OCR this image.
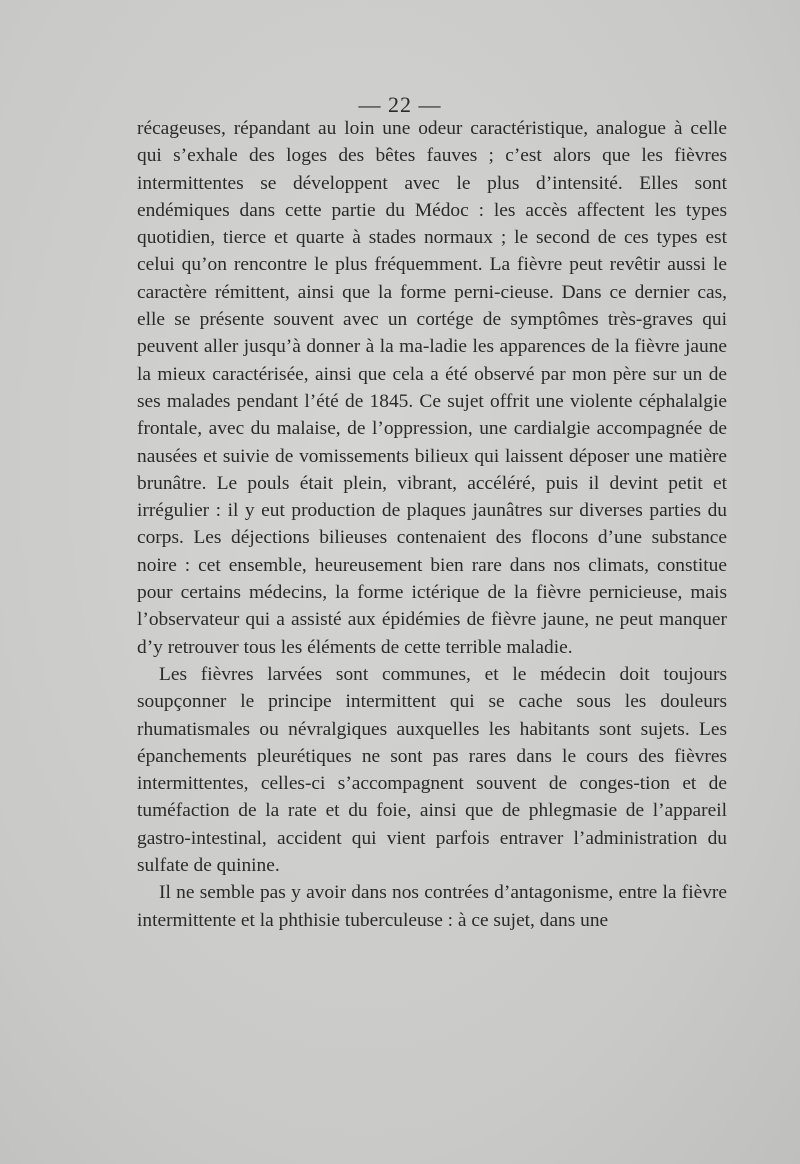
— 22 —

récageuses, répandant au loin une odeur caractéristique, analogue à celle qui s’exhale des loges des bêtes fauves ; c’est alors que les fièvres intermittentes se développent avec le plus d’intensité. Elles sont endémiques dans cette partie du Médoc : les accès affectent les types quotidien, tierce et quarte à stades normaux ; le second de ces types est celui qu’on rencontre le plus fréquemment. La fièvre peut revêtir aussi le caractère rémittent, ainsi que la forme perni-cieuse. Dans ce dernier cas, elle se présente souvent avec un cortége de symptômes très-graves qui peuvent aller jusqu’à donner à la ma-ladie les apparences de la fièvre jaune la mieux caractérisée, ainsi que cela a été observé par mon père sur un de ses malades pendant l’été de 1845. Ce sujet offrit une violente céphalalgie frontale, avec du malaise, de l’oppression, une cardialgie accompagnée de nausées et suivie de vomissements bilieux qui laissent déposer une matière brunâtre. Le pouls était plein, vibrant, accéléré, puis il devint petit et irrégulier : il y eut production de plaques jaunâtres sur diverses parties du corps. Les déjections bilieuses contenaient des flocons d’une substance noire : cet ensemble, heureusement bien rare dans nos climats, constitue pour certains médecins, la forme ictérique de la fièvre pernicieuse, mais l’observateur qui a assisté aux épidémies de fièvre jaune, ne peut manquer d’y retrouver tous les éléments de cette terrible maladie.

Les fièvres larvées sont communes, et le médecin doit toujours soupçonner le principe intermittent qui se cache sous les douleurs rhumatismales ou névralgiques auxquelles les habitants sont sujets. Les épanchements pleurétiques ne sont pas rares dans le cours des fièvres intermittentes, celles-ci s’accompagnent souvent de conges-tion et de tuméfaction de la rate et du foie, ainsi que de phlegmasie de l’appareil gastro-intestinal, accident qui vient parfois entraver l’administration du sulfate de quinine.

Il ne semble pas y avoir dans nos contrées d’antagonisme, entre la fièvre intermittente et la phthisie tuberculeuse : à ce sujet, dans une
